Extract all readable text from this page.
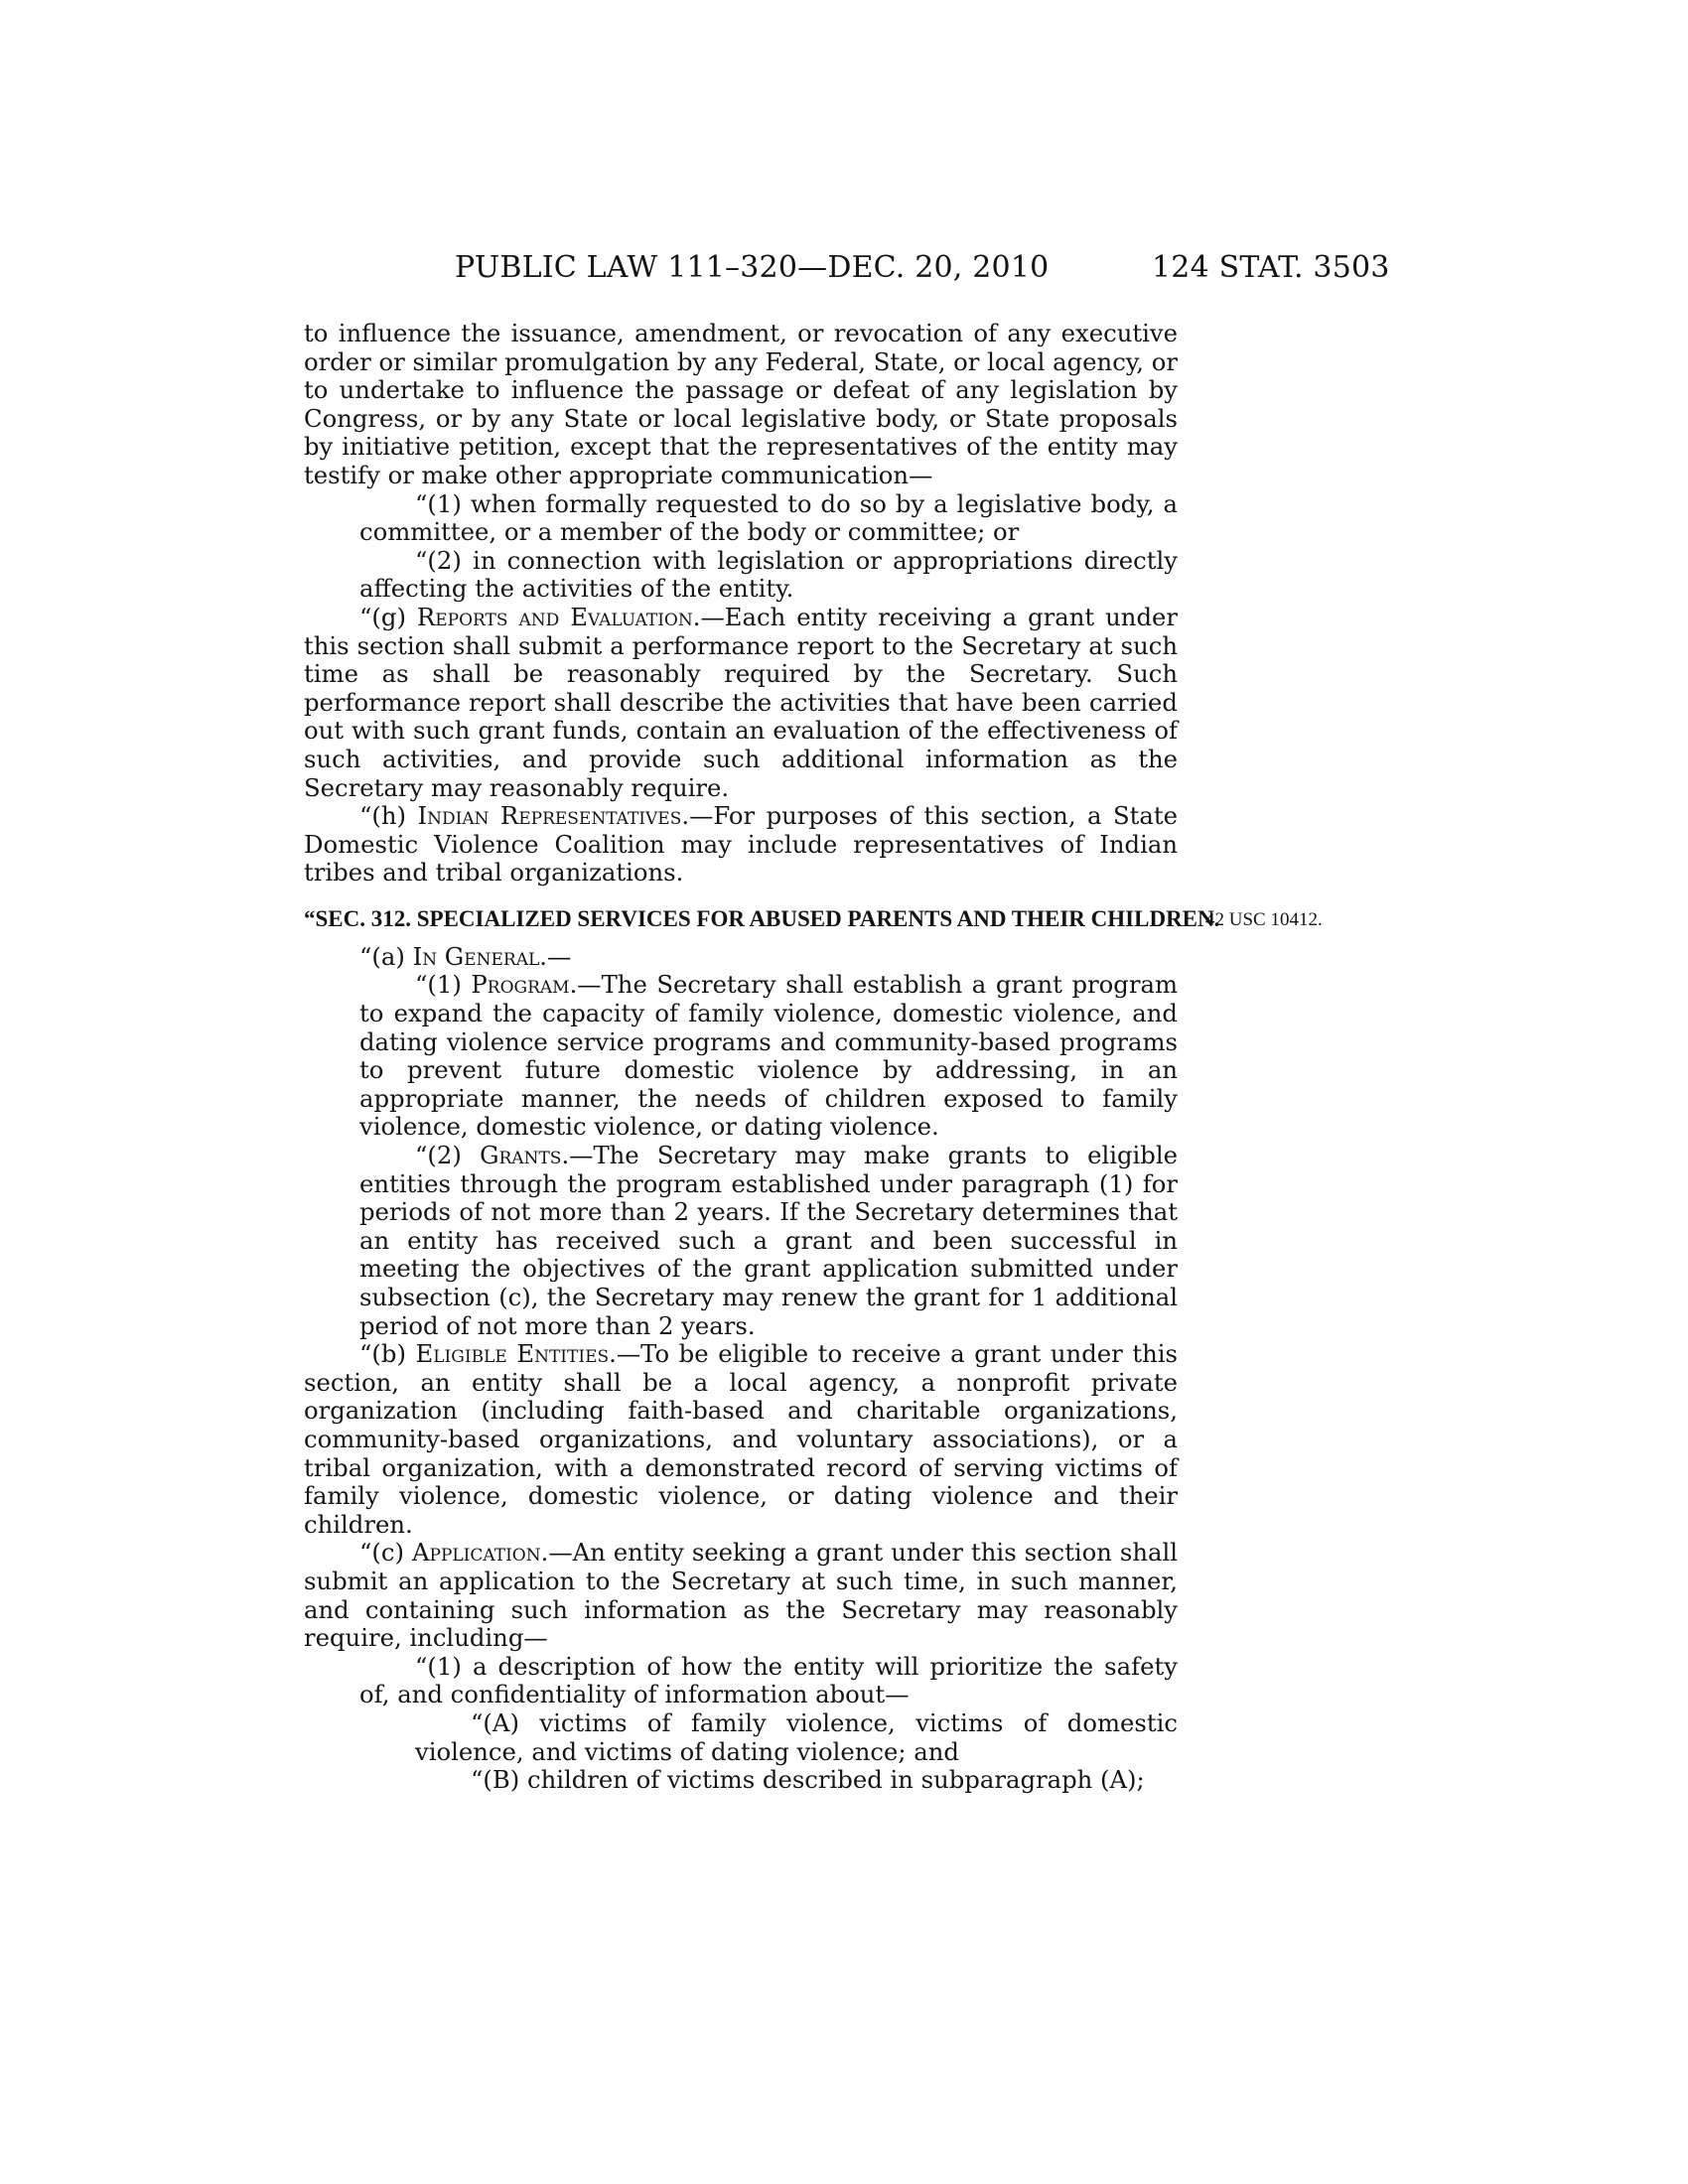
PUBLIC LAW 111–320—DEC. 20, 2010	124 STAT. 3503

to influence the issuance, amendment, or revocation of any executive order or similar promulgation by any Federal, State, or local agency, or to undertake to influence the passage or defeat of any legislation by Congress, or by any State or local legislative body, or State proposals by initiative petition, except that the representatives of the entity may testify or make other appropriate communication—

“(1) when formally requested to do so by a legislative body, a committee, or a member of the body or committee; or

“(2) in connection with legislation or appropriations directly affecting the activities of the entity.

“(g) Reports and Evaluation.—Each entity receiving a grant under this section shall submit a performance report to the Secretary at such time as shall be reasonably required by the Secretary. Such performance report shall describe the activities that have been carried out with such grant funds, contain an evaluation of the effectiveness of such activities, and provide such additional information as the Secretary may reasonably require.

“(h) Indian Representatives.—For purposes of this section, a State Domestic Violence Coalition may include representatives of Indian tribes and tribal organizations.

“SEC. 312. SPECIALIZED SERVICES FOR ABUSED PARENTS AND THEIR CHILDREN.
42 USC 10412.

“(a) In General.—

“(1) Program.—The Secretary shall establish a grant program to expand the capacity of family violence, domestic violence, and dating violence service programs and community-based programs to prevent future domestic violence by addressing, in an appropriate manner, the needs of children exposed to family violence, domestic violence, or dating violence.

“(2) Grants.—The Secretary may make grants to eligible entities through the program established under paragraph (1) for periods of not more than 2 years. If the Secretary determines that an entity has received such a grant and been successful in meeting the objectives of the grant application submitted under subsection (c), the Secretary may renew the grant for 1 additional period of not more than 2 years.

“(b) Eligible Entities.—To be eligible to receive a grant under this section, an entity shall be a local agency, a nonprofit private organization (including faith-based and charitable organizations, community-based organizations, and voluntary associations), or a tribal organization, with a demonstrated record of serving victims of family violence, domestic violence, or dating violence and their children.

“(c) Application.—An entity seeking a grant under this section shall submit an application to the Secretary at such time, in such manner, and containing such information as the Secretary may reasonably require, including—

“(1) a description of how the entity will prioritize the safety of, and confidentiality of information about—

“(A) victims of family violence, victims of domestic violence, and victims of dating violence; and

“(B) children of victims described in subparagraph (A);
